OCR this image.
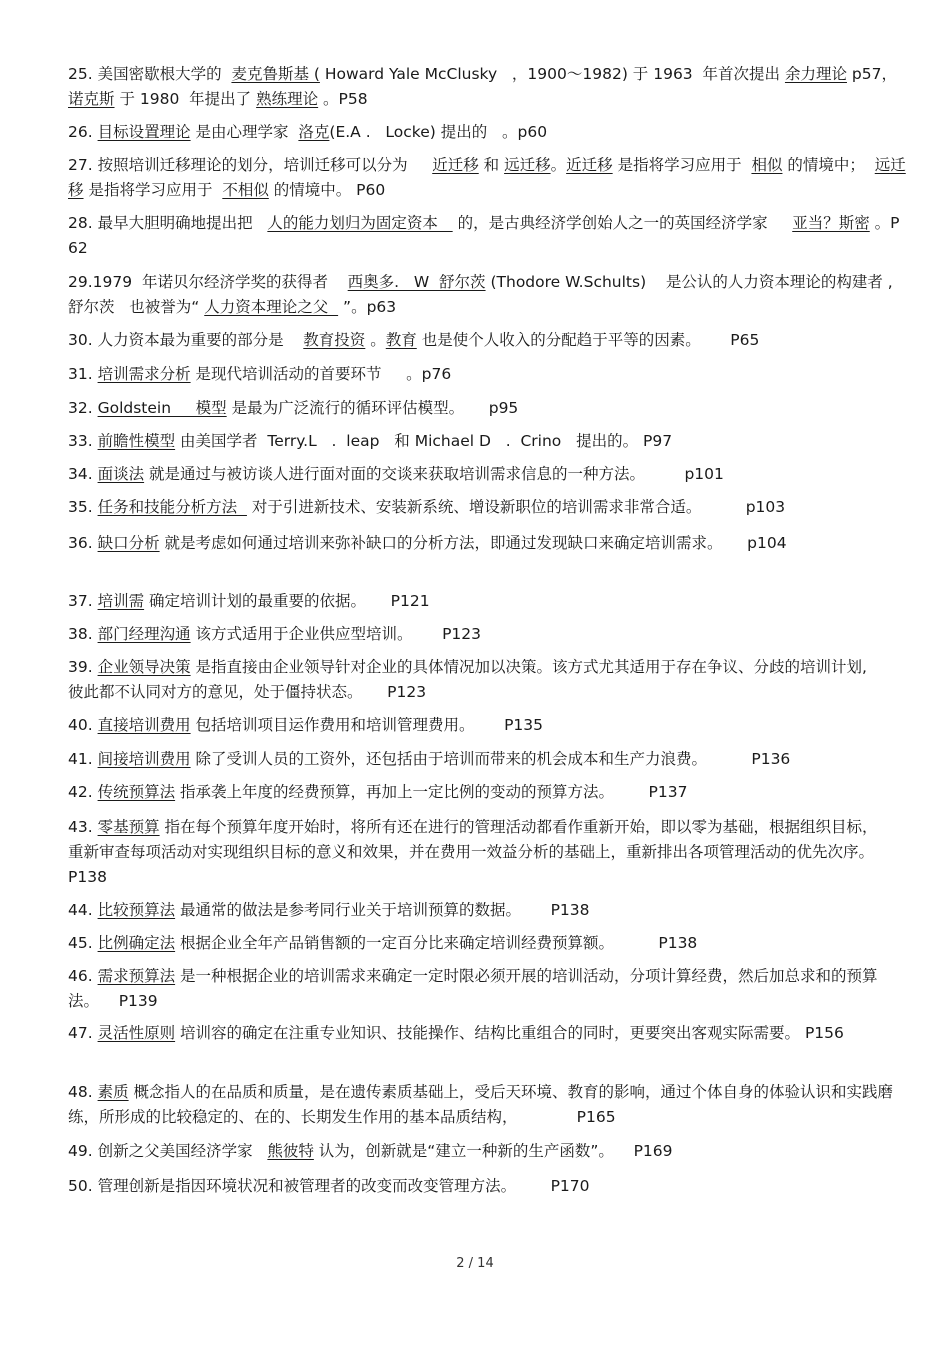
25. 美国密歇根大学的  麦克鲁斯基 ( Howard Yale McClusky   ，1900～1982) 于 1963  年首次提出 余力理论 p57，  诺克斯 于 1980  年提出了 熟练理论 。P58
26. 目标设置理论 是由心理学家  洛克(E.A .   Locke) 提出的   。p60
27. 按照培训迁移理论的划分，培训迁移可以分为     近迁移 和 远迁移。近迁移 是指将学习应用于  相似 的情境中；  远迁移 是指将学习应用于  不相似 的情境中。 P60
28. 最早大胆明确地提出把   人的能力划归为固定资本    的，是古典经济学创始人之一的英国经济学家     亚当？斯密 。P62
29.1979  年诺贝尔经济学奖的获得者    西奥多.   W  舒尔茨 (Thodore W.Schults)    是公认的人力资本理论的构建者 , 舒尔茨   也被誉为“ 人力资本理论之父   ”。p63
30. 人力资本最为重要的部分是    教育投资 。教育 也是使个人收入的分配趋于平等的因素。      P65
31. 培训需求分析 是现代培训活动的首要环节     。p76
32. Goldstein     模型 是最为广泛流行的循环评估模型。     p95
33. 前瞻性模型 由美国学者  Terry.L   .  leap   和 Michael D   .  Crino   提出的。 P97
34. 面谈法 就是通过与被访谈人进行面对面的交谈来获取培训需求信息的一种方法。        p101
35. 任务和技能分析方法   对于引进新技术、安装新系统、增设新职位的培训需求非常合适。         p103
36. 缺口分析 就是考虑如何通过培训来弥补缺口的分析方法，即通过发现缺口来确定培训需求。     p104
37. 培训需 确定培训计划的最重要的依据。     P121
38. 部门经理沟通 该方式适用于企业供应型培训。      P123
39. 企业领导决策 是指直接由企业领导针对企业的具体情况加以决策。该方式尤其适用于存在争议、分歧的培训计划,      彼此都不认同对方的意见，处于僵持状态。     P123
40. 直接培训费用 包括培训项目运作费用和培训管理费用。      P135
41. 间接培训费用 除了受训人员的工资外，还包括由于培训而带来的机会成本和生产力浪费。         P136
42. 传统预算法 指承袭上年度的经费预算，再加上一定比例的变动的预算方法。       P137
43. 零基预算 指在每个预算年度开始时，将所有还在进行的管理活动都看作重新开始，即以零为基础，根据组织目标，       重新审查每项活动对实现组织目标的意义和效果，并在费用一效益分析的基础上，重新排出各项管理活动的优先次序。      P138
44. 比较预算法 最通常的做法是参考同行业关于培训预算的数据。      P138
45. 比例确定法 根据企业全年产品销售额的一定百分比来确定培训经费预算额。         P138
46. 需求预算法 是一种根据企业的培训需求来确定一定时限必须开展的培训活动，分项计算经费，然后加总求和的预算法。    P139
47. 灵活性原则 培训容的确定在注重专业知识、技能操作、结构比重组合的同时，更要突出客观实际需要。 P156
48. 素质 概念指人的在品质和质量，是在遗传素质基础上，受后天环境、教育的影响，通过个体自身的体验认识和实践磨练，所形成的比较稳定的、在的、长期发生作用的基本品质结构，            P165
49. 创新之父美国经济学家   熊彼特 认为，创新就是“建立一种新的生产函数”。    P169
50. 管理创新是指因环境状况和被管理者的改变而改变管理方法。       P170
2 / 14
